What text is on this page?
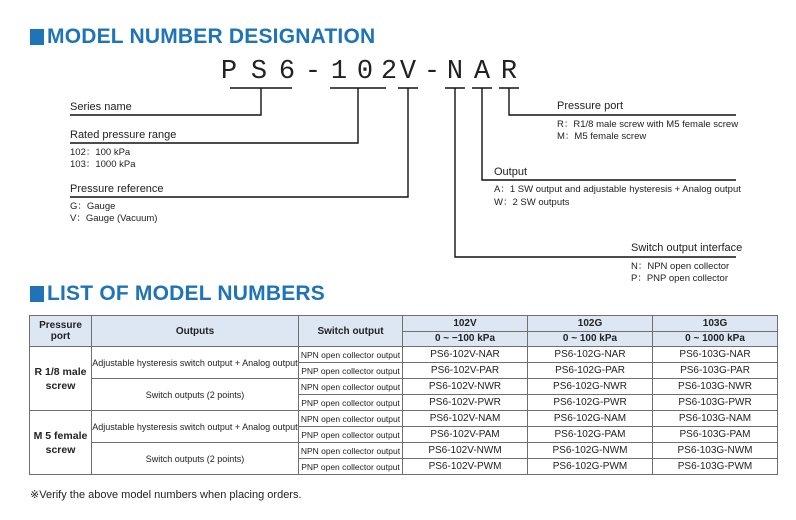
MODEL NUMBER DESIGNATION
P S 6 - 1 0 2 V - N A R
Series name
Rated pressure range
102：100 kPa
103：1000 kPa
Pressure reference
G：Gauge
V：Gauge (Vacuum)
Pressure port
R：R1/8 male screw with M5 female screw
M：M5 female screw
Output
A：1 SW output and adjustable hysteresis + Analog output
W：2 SW outputs
Switch output interface
N：NPN open collector
P：PNP open collector
LIST OF MODEL NUMBERS
Pressure port	Outputs	Switch output	102V	102G	103G
			0 ~ −100 kPa	0 ~ 100 kPa	0 ~ 1000 kPa
R 1/8 male screw	Adjustable hysteresis switch output + Analog output	NPN open collector output	PS6-102V-NAR	PS6-102G-NAR	PS6-103G-NAR
		PNP open collector output	PS6-102V-PAR	PS6-102G-PAR	PS6-103G-PAR
	Switch outputs (2 points)	NPN open collector output	PS6-102V-NWR	PS6-102G-NWR	PS6-103G-NWR
		PNP open collector output	PS6-102V-PWR	PS6-102G-PWR	PS6-103G-PWR
M 5 female screw	Adjustable hysteresis switch output + Analog output	NPN open collector output	PS6-102V-NAM	PS6-102G-NAM	PS6-103G-NAM
		PNP open collector output	PS6-102V-PAM	PS6-102G-PAM	PS6-103G-PAM
	Switch outputs (2 points)	NPN open collector output	PS6-102V-NWM	PS6-102G-NWM	PS6-103G-NWM
		PNP open collector output	PS6-102V-PWM	PS6-102G-PWM	PS6-103G-PWM
※Verify the above model numbers when placing orders.
